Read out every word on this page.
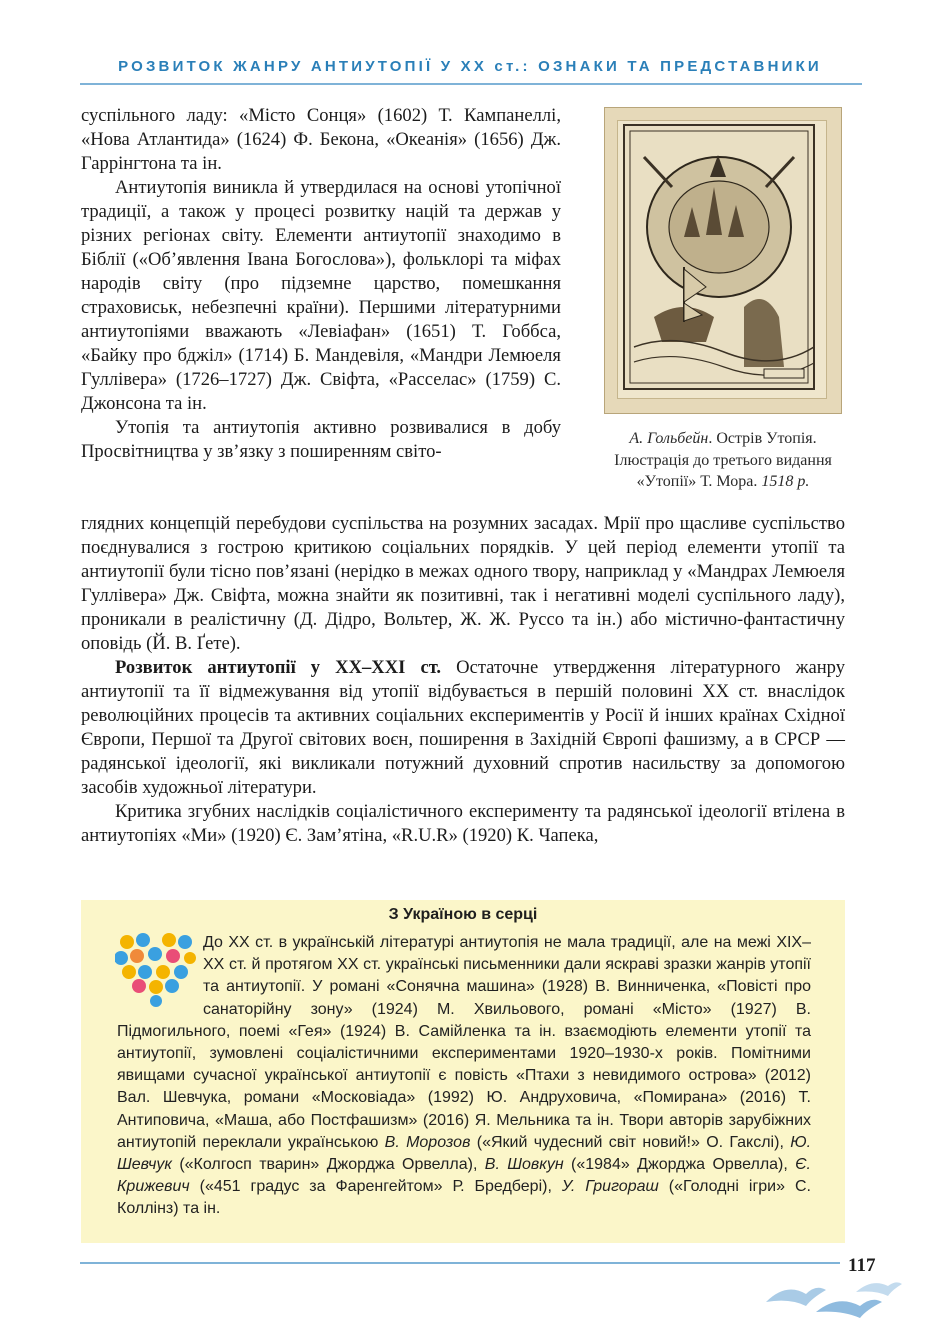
РОЗВИТОК ЖАНРУ АНТИУТОПІЇ У ХХ ст.: ОЗНАКИ ТА ПРЕДСТАВНИКИ

суспільного ладу: «Місто Сонця» (1602) Т. Кампанеллі, «Нова Атлантида» (1624) Ф. Бекона, «Океанія» (1656) Дж. Гаррінгтона та ін.

Антиутопія виникла й утвердилася на основі утопічної традиції, а також у процесі розвитку націй та держав у різних регіонах світу. Елементи антиутопії знаходимо в Біблії («Об’явлення Івана Богослова»), фольклорі та міфах народів світу (про підземне царство, помешкання страховиськ, небезпечні країни). Першими літературними антиутопіями вважають «Левіафан» (1651) Т. Гоббса, «Байку про бджіл» (1714) Б. Мандевіля, «Мандри Лемюеля Гуллівера» (1726–1727) Дж. Свіфта, «Расселас» (1759) С. Джонсона та ін.

Утопія та антиутопія активно розвивалися в добу Просвітництва у зв’язку з поширенням світо-

А. Гольбейн. Острів Утопія.
Ілюстрація до третього видання
«Утопії» Т. Мора. 1518 р.

глядних концепцій перебудови суспільства на розумних засадах. Мрії про щасливе суспільство поєднувалися з гострою критикою соціальних порядків. У цей період елементи утопії та антиутопії були тісно пов’язані (нерідко в межах одного твору, наприклад у «Мандрах Лемюеля Гуллівера» Дж. Свіфта, можна знайти як позитивні, так і негативні моделі суспільного ладу), проникали в реалістичну (Д. Дідро, Вольтер, Ж. Ж. Руссо та ін.) або містично-фантастичну оповідь (Й. В. Ґете).

Розвиток антиутопії у ХХ–ХХІ ст. Остаточне утвердження літературного жанру антиутопії та її відмежування від утопії відбувається в першій половині ХХ ст. внаслідок революційних процесів та активних соціальних експериментів у Росії й інших країнах Східної Європи, Першої та Другої світових воєн, поширення в Західній Європі фашизму, а в СРСР — радянської ідеології, які викликали потужний духовний спротив насильству за допомогою засобів художньої літератури.

Критика згубних наслідків соціалістичного експерименту та радянської ідеології втілена в антиутопіях «Ми» (1920) Є. Зам’ятіна, «R.U.R» (1920) К. Чапека,

З Україною в серці
До ХХ ст. в українській літературі антиутопія не мала традиції, але на межі ХІХ–ХХ ст. й протягом ХХ ст. українські письменники дали яскраві зразки жанрів утопії та антиутопії. У романі «Сонячна машина» (1928) В. Винниченка, «Повісті про санаторійну зону» (1924) М. Хвильового, романі «Місто» (1927) В. Підмогильного, поемі «Гея» (1924) В. Самійленка та ін. взаємодіють елементи утопії та антиутопії, зумовлені соціалістичними експериментами 1920–1930-х років. Помітними явищами сучасної української антиутопії є повість «Птахи з невидимого острова» (2012) Вал. Шевчука, романи «Московіада» (1992) Ю. Андруховича, «Помирана» (2016) Т. Антиповича, «Маша, або Постфашизм» (2016) Я. Мельника та ін. Твори авторів зарубіжних антиутопій переклали українською В. Морозов («Який чудесний світ новий!» О. Гакслі), Ю. Шевчук («Колгосп тварин» Джорджа Орвелла), В. Шовкун («1984» Джорджа Орвелла), Є. Крижевич («451 градус за Фаренгейтом» Р. Бредбері), У. Григораш («Голодні ігри» С. Коллінз) та ін.
117
